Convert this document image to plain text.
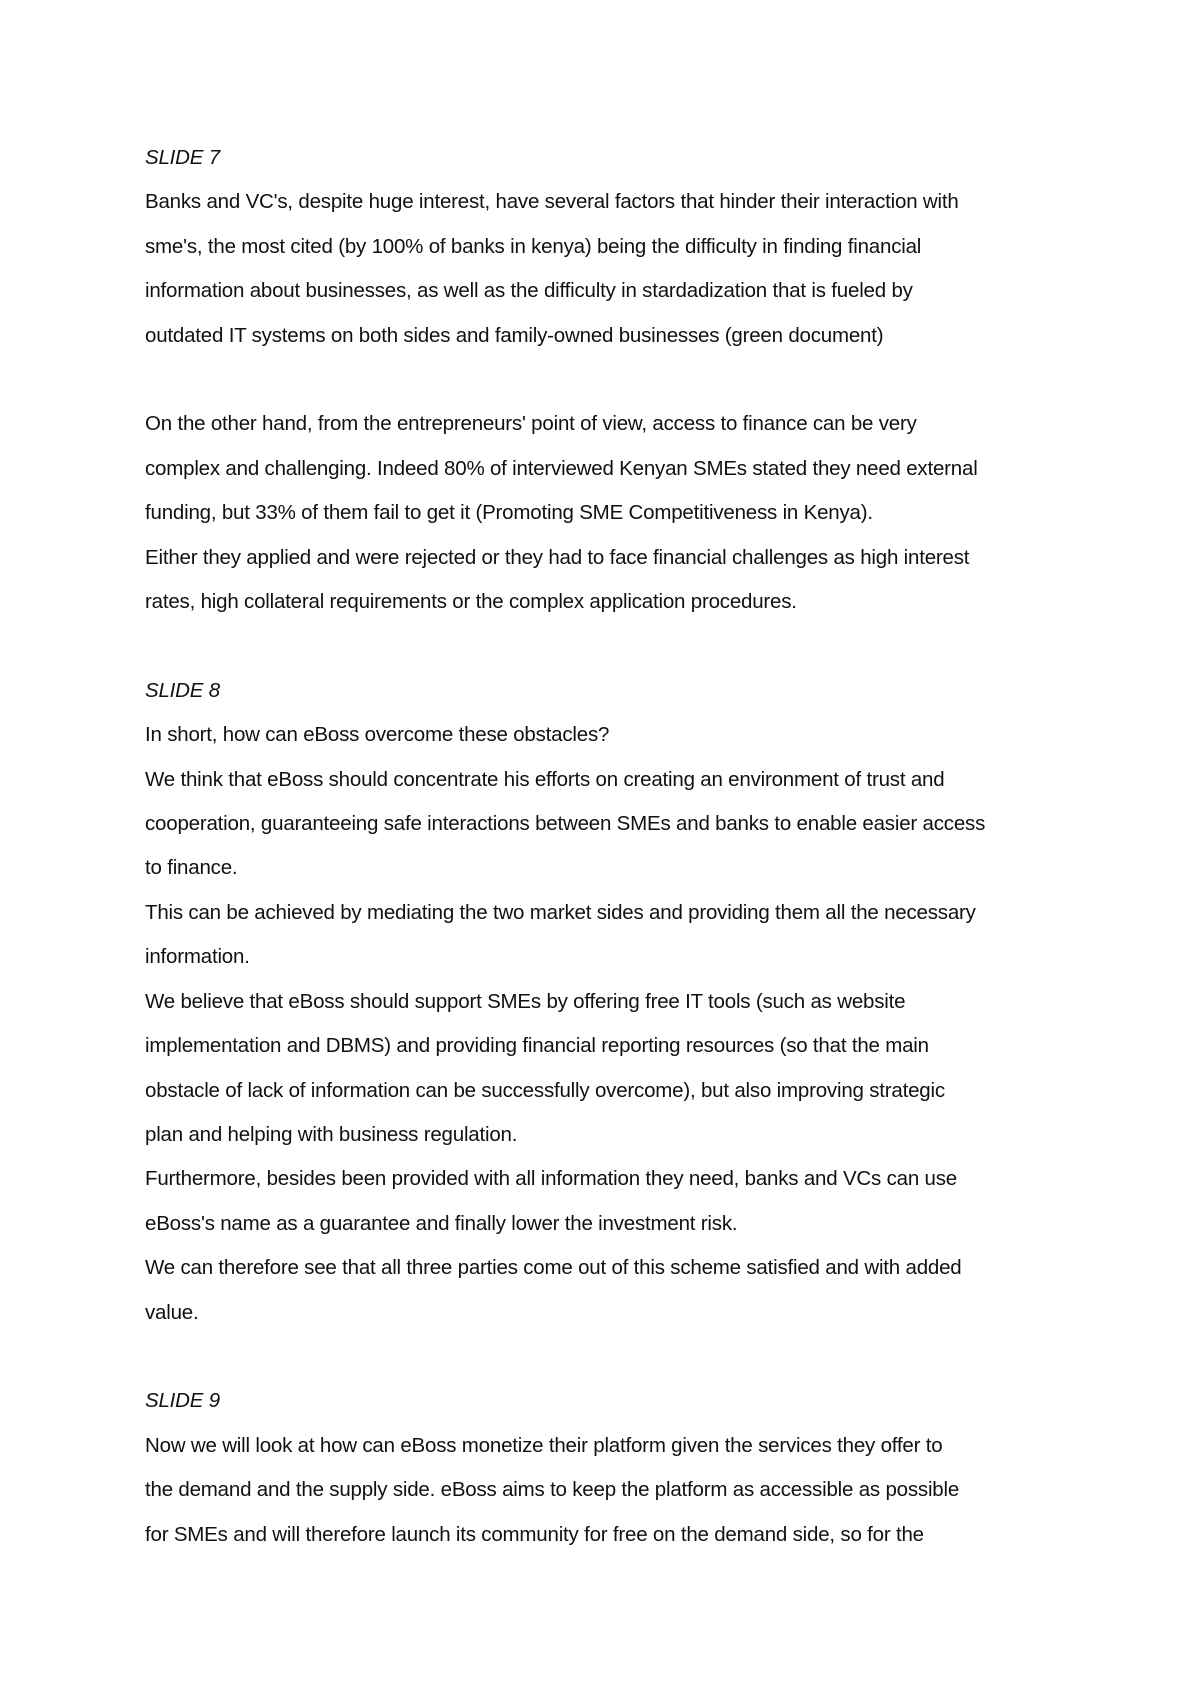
SLIDE 7
Banks and VC's, despite huge interest, have several factors that hinder their interaction with
sme's, the most cited (by 100% of banks in kenya) being the difficulty in finding financial
information about businesses, as well as the difficulty in stardadization that is fueled by
outdated IT systems on both sides and family-owned businesses (green document)
On the other hand, from the entrepreneurs' point of view, access to finance can be very
complex and challenging. Indeed 80% of interviewed Kenyan SMEs stated they need external
funding, but 33% of them fail to get it (Promoting SME Competitiveness in Kenya).
Either they applied and were rejected or they had to face financial challenges as high interest
rates, high collateral requirements or the complex application procedures.
SLIDE 8
In short, how can eBoss overcome these obstacles?
We think that eBoss should concentrate his efforts on creating an environment of trust and
cooperation, guaranteeing safe interactions between SMEs and banks to enable easier access
to finance.
This can be achieved by mediating the two market sides and providing them all the necessary
information.
We believe that eBoss should support SMEs by offering free IT tools (such as website
implementation and DBMS) and providing financial reporting resources (so that the main
obstacle of lack of information can be successfully overcome), but also improving strategic
plan and helping with business regulation.
Furthermore, besides been provided with all information they need, banks and VCs can use
eBoss's name as a guarantee and finally lower the investment risk.
We can therefore see that all three parties come out of this scheme satisfied and with added
value.
SLIDE 9
Now we will look at how can eBoss monetize their platform given the services they offer to
the demand and the supply side. eBoss aims to keep the platform as accessible as possible
for SMEs and will therefore launch its community for free on the demand side, so for the
